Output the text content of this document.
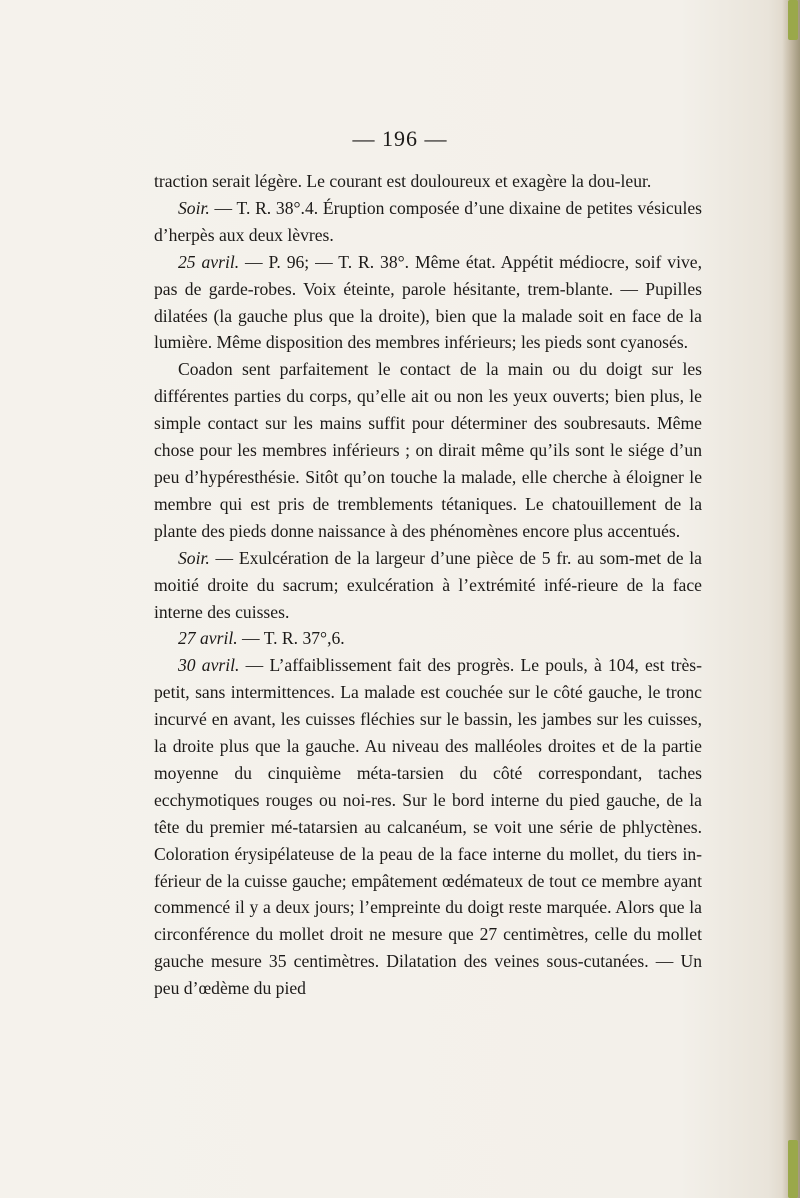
— 196 —

traction serait légère. Le courant est douloureux et exagère la dou-leur.

Soir. — T. R. 38°.4. Éruption composée d’une dixaine de petites vésicules d’herpès aux deux lèvres.

25 avril. — P. 96; — T. R. 38°. Même état. Appétit médiocre, soif vive, pas de garde-robes. Voix éteinte, parole hésitante, trem-blante. — Pupilles dilatées (la gauche plus que la droite), bien que la malade soit en face de la lumière. Même disposition des membres inférieurs; les pieds sont cyanosés.

Coadon sent parfaitement le contact de la main ou du doigt sur les différentes parties du corps, qu’elle ait ou non les yeux ouverts; bien plus, le simple contact sur les mains suffit pour déterminer des soubresauts. Même chose pour les membres inférieurs ; on dirait même qu’ils sont le siége d’un peu d’hypéresthésie. Sitôt qu’on touche la malade, elle cherche à éloigner le membre qui est pris de tremblements tétaniques. Le chatouillement de la plante des pieds donne naissance à des phénomènes encore plus accentués.

Soir. — Exulcération de la largeur d’une pièce de 5 fr. au som-met de la moitié droite du sacrum; exulcération à l’extrémité infé-rieure de la face interne des cuisses.

27 avril. — T. R. 37°,6.

30 avril. — L’affaiblissement fait des progrès. Le pouls, à 104, est très-petit, sans intermittences. La malade est couchée sur le côté gauche, le tronc incurvé en avant, les cuisses fléchies sur le bassin, les jambes sur les cuisses, la droite plus que la gauche. Au niveau des malléoles droites et de la partie moyenne du cinquième méta-tarsien du côté correspondant, taches ecchymotiques rouges ou noi-res. Sur le bord interne du pied gauche, de la tête du premier mé-tatarsien au calcanéum, se voit une série de phlyctènes. Coloration érysipélateuse de la peau de la face interne du mollet, du tiers in-férieur de la cuisse gauche; empâtement œdémateux de tout ce membre ayant commencé il y a deux jours; l’empreinte du doigt reste marquée. Alors que la circonférence du mollet droit ne mesure que 27 centimètres, celle du mollet gauche mesure 35 centimètres. Dilatation des veines sous-cutanées. — Un peu d’œdème du pied
